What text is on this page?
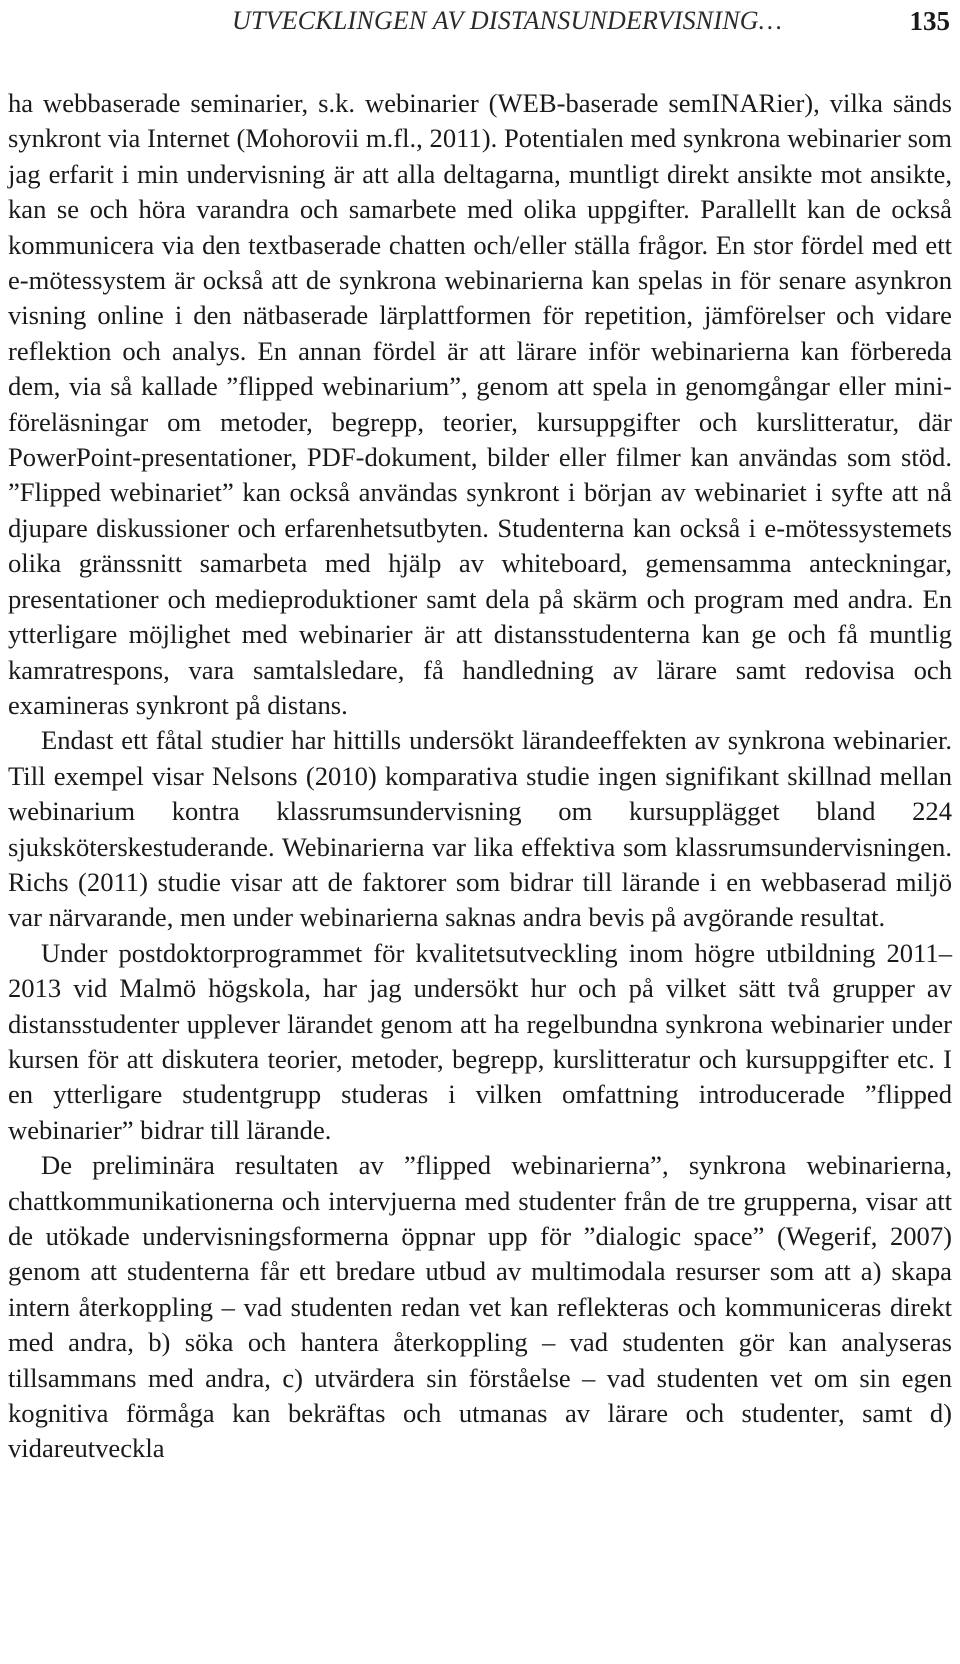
UTVECKLINGEN AV DISTANSUNDERVISNING…	135

ha webbaserade seminarier, s.k. webinarier (WEB-baserade semINARier), vilka sänds synkront via Internet (Mohorovii m.fl., 2011). Potentialen med synkrona webinarier som jag erfarit i min undervisning är att alla deltagarna, muntligt direkt ansikte mot ansikte, kan se och höra varandra och samarbete med olika uppgifter. Parallellt kan de också kommunicera via den textbaserade chatten och/eller ställa frågor. En stor fördel med ett e-mötessystem är också att de synkrona webinarierna kan spelas in för senare asynkron visning online i den nätbaserade lärplattformen för repetition, jämförelser och vidare reflektion och analys. En annan fördel är att lärare inför webinarierna kan förbereda dem, via så kallade ”flipped webinarium”, genom att spela in genomgångar eller mini-föreläsningar om metoder, begrepp, teorier, kursuppgifter och kurslitteratur, där PowerPoint-presentationer, PDF-dokument, bilder eller filmer kan användas som stöd. ”Flipped webinariet” kan också användas synkront i början av webinariet i syfte att nå djupare diskussioner och erfarenhetsutbyten. Studenterna kan också i e-mötessystemets olika gränssnitt samarbeta med hjälp av whiteboard, gemensamma anteckningar, presentationer och medieproduktioner samt dela på skärm och program med andra. En ytterligare möjlighet med webinarier är att distansstudenterna kan ge och få muntlig kamratrespons, vara samtalsledare, få handledning av lärare samt redovisa och examineras synkront på distans.

Endast ett fåtal studier har hittills undersökt lärandeeffekten av synkrona webinarier. Till exempel visar Nelsons (2010) komparativa studie ingen signifikant skillnad mellan webinarium kontra klassrumsundervisning om kursupplägget bland 224 sjuksköterskestuderande. Webinarierna var lika effektiva som klassrumsundervisningen. Richs (2011) studie visar att de faktorer som bidrar till lärande i en webbaserad miljö var närvarande, men under webinarierna saknas andra bevis på avgörande resultat.

Under postdoktorprogrammet för kvalitetsutveckling inom högre utbildning 2011–2013 vid Malmö högskola, har jag undersökt hur och på vilket sätt två grupper av distansstudenter upplever lärandet genom att ha regelbundna synkrona webinarier under kursen för att diskutera teorier, metoder, begrepp, kurslitteratur och kursuppgifter etc. I en ytterligare studentgrupp studeras i vilken omfattning introducerade ”flipped webinarier” bidrar till lärande.

De preliminära resultaten av ”flipped webinarierna”, synkrona webinarierna, chattkommunikationerna och intervjuerna med studenter från de tre grupperna, visar att de utökade undervisningsformerna öppnar upp för ”dialogic space” (Wegerif, 2007) genom att studenterna får ett bredare utbud av multimodala resurser som att a) skapa intern återkoppling – vad studenten redan vet kan reflekteras och kommuniceras direkt med andra, b) söka och hantera återkoppling – vad studenten gör kan analyseras tillsammans med andra, c) utvärdera sin förståelse – vad studenten vet om sin egen kognitiva förmåga kan bekräftas och utmanas av lärare och studenter, samt d) vidareutveckla
